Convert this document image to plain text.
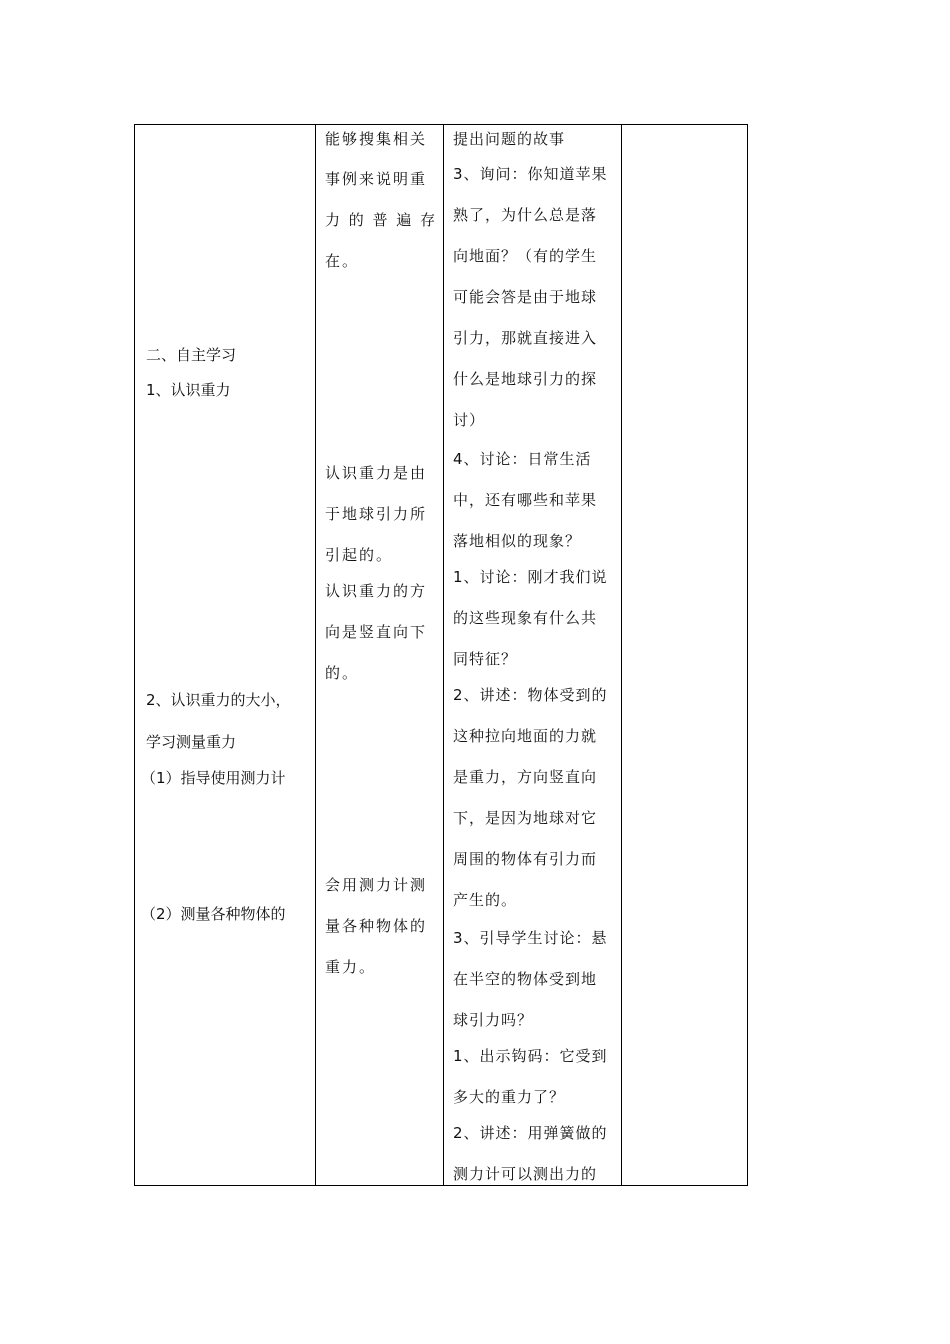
二、自主学习
1、认识重力
2、认识重力的大小，
学习测量重力
（1）指导使用测力计
（2）测量各种物体的
能够搜集相关
事例来说明重
力 的 普 遍 存
在。
认识重力是由
于地球引力所
引起的。
认识重力的方
向是竖直向下
的。
会用测力计测
量各种物体的
重力。
提出问题的故事
3、询问：你知道苹果
熟了，为什么总是落
向地面？（有的学生
可能会答是由于地球
引力，那就直接进入
什么是地球引力的探
讨）
4、讨论：日常生活
中，还有哪些和苹果
落地相似的现象？
1、讨论：刚才我们说
的这些现象有什么共
同特征？
2、讲述：物体受到的
这种拉向地面的力就
是重力，方向竖直向
下，是因为地球对它
周围的物体有引力而
产生的。
3、引导学生讨论：悬
在半空的物体受到地
球引力吗？
1、出示钩码：它受到
多大的重力了？
2、讲述：用弹簧做的
测力计可以测出力的
